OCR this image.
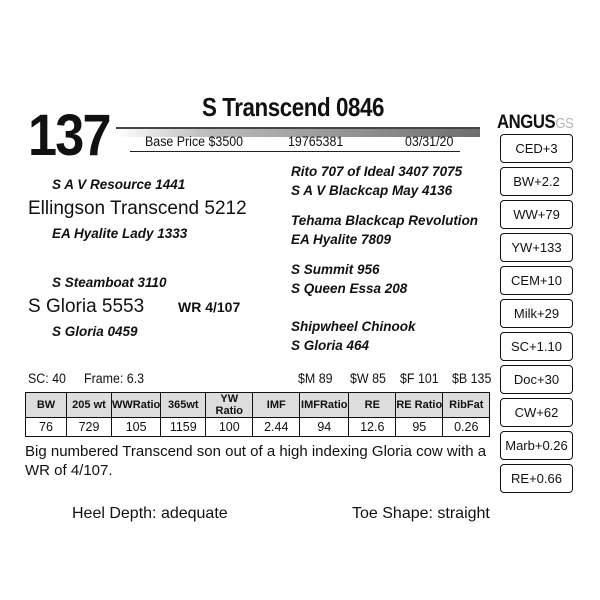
137	S Transcend 0846
Base Price $3500	19765381	03/31/20
ANGUSGS
CED+3
BW+2.2
WW+79
YW+133
CEM+10
Milk+29
SC+1.10
Doc+30
CW+62
Marb+0.26
RE+0.66
S A V Resource 1441
Ellingson Transcend 5212
EA Hyalite Lady 1333
Rito 707 of Ideal 3407 7075
S A V Blackcap May 4136
Tehama Blackcap Revolution
EA Hyalite 7809
S Steamboat 3110
S Gloria 5553 WR 4/107
S Gloria 0459
S Summit 956
S Queen Essa 208
Shipwheel Chinook
S Gloria 464
SC: 40 Frame: 6.3	$M 89 $W 85 $F 101 $B 135
BW	205 wt	WWRatio	365wt	YW Ratio	IMF	IMFRatio	RE	RE Ratio	RibFat
76	729	105	1159	100	2.44	94	12.6	95	0.26
Big numbered Transcend son out of a high indexing Gloria cow with a WR of 4/107.
Heel Depth: adequate	Toe Shape: straight
